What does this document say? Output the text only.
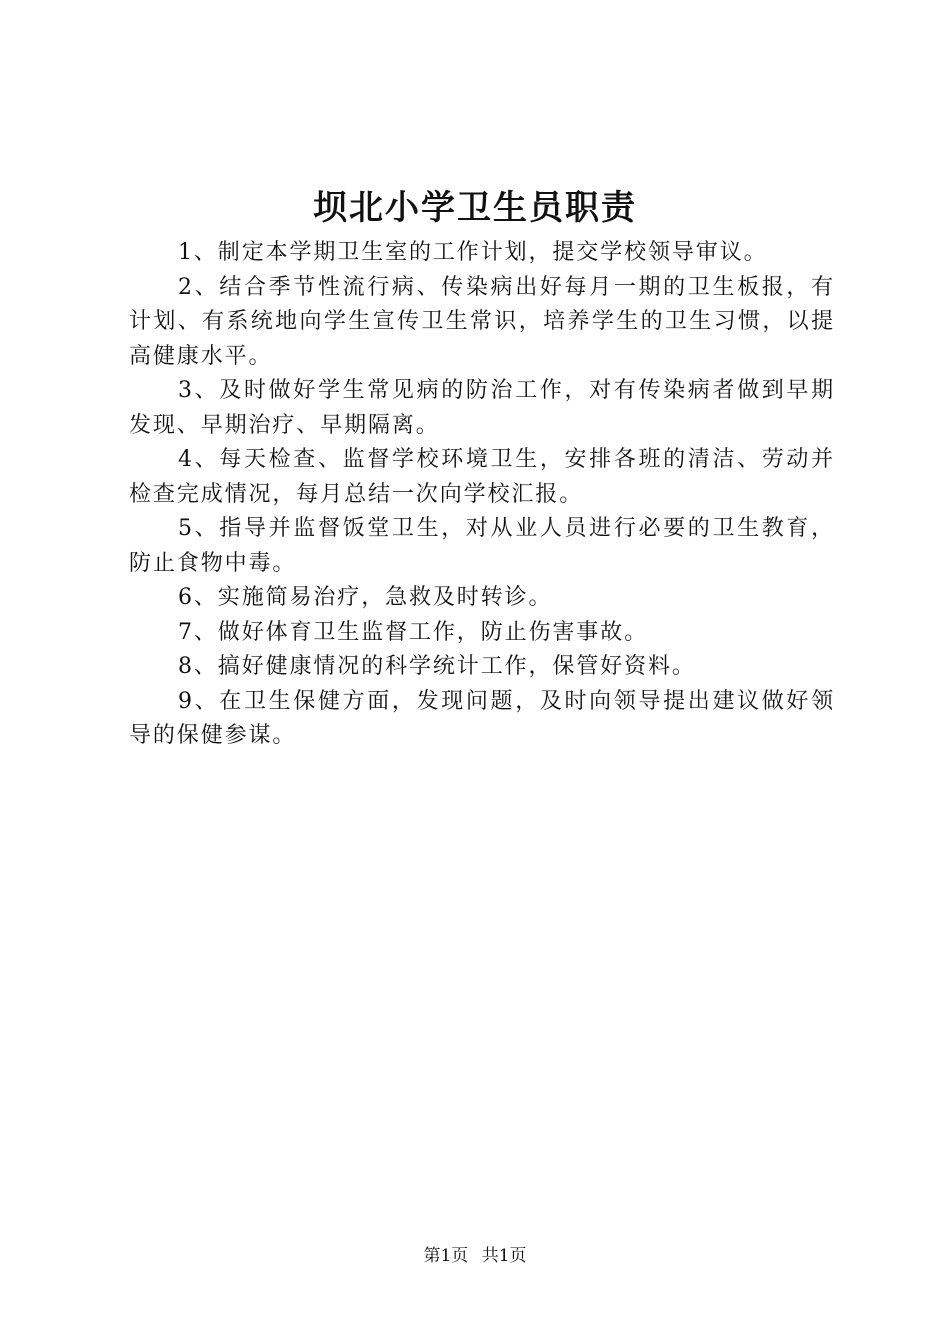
坝北小学卫生员职责

1、制定本学期卫生室的工作计划，提交学校领导审议。

2、结合季节性流行病、传染病出好每月一期的卫生板报，有计划、有系统地向学生宣传卫生常识，培养学生的卫生习惯，以提高健康水平。

3、及时做好学生常见病的防治工作，对有传染病者做到早期发现、早期治疗、早期隔离。

4、每天检查、监督学校环境卫生，安排各班的清洁、劳动并检查完成情况，每月总结一次向学校汇报。

5、指导并监督饭堂卫生，对从业人员进行必要的卫生教育，防止食物中毒。

6、实施简易治疗，急救及时转诊。

7、做好体育卫生监督工作，防止伤害事故。

8、搞好健康情况的科学统计工作，保管好资料。

9、在卫生保健方面，发现问题，及时向领导提出建议做好领导的保健参谋。

第1页 共1页
